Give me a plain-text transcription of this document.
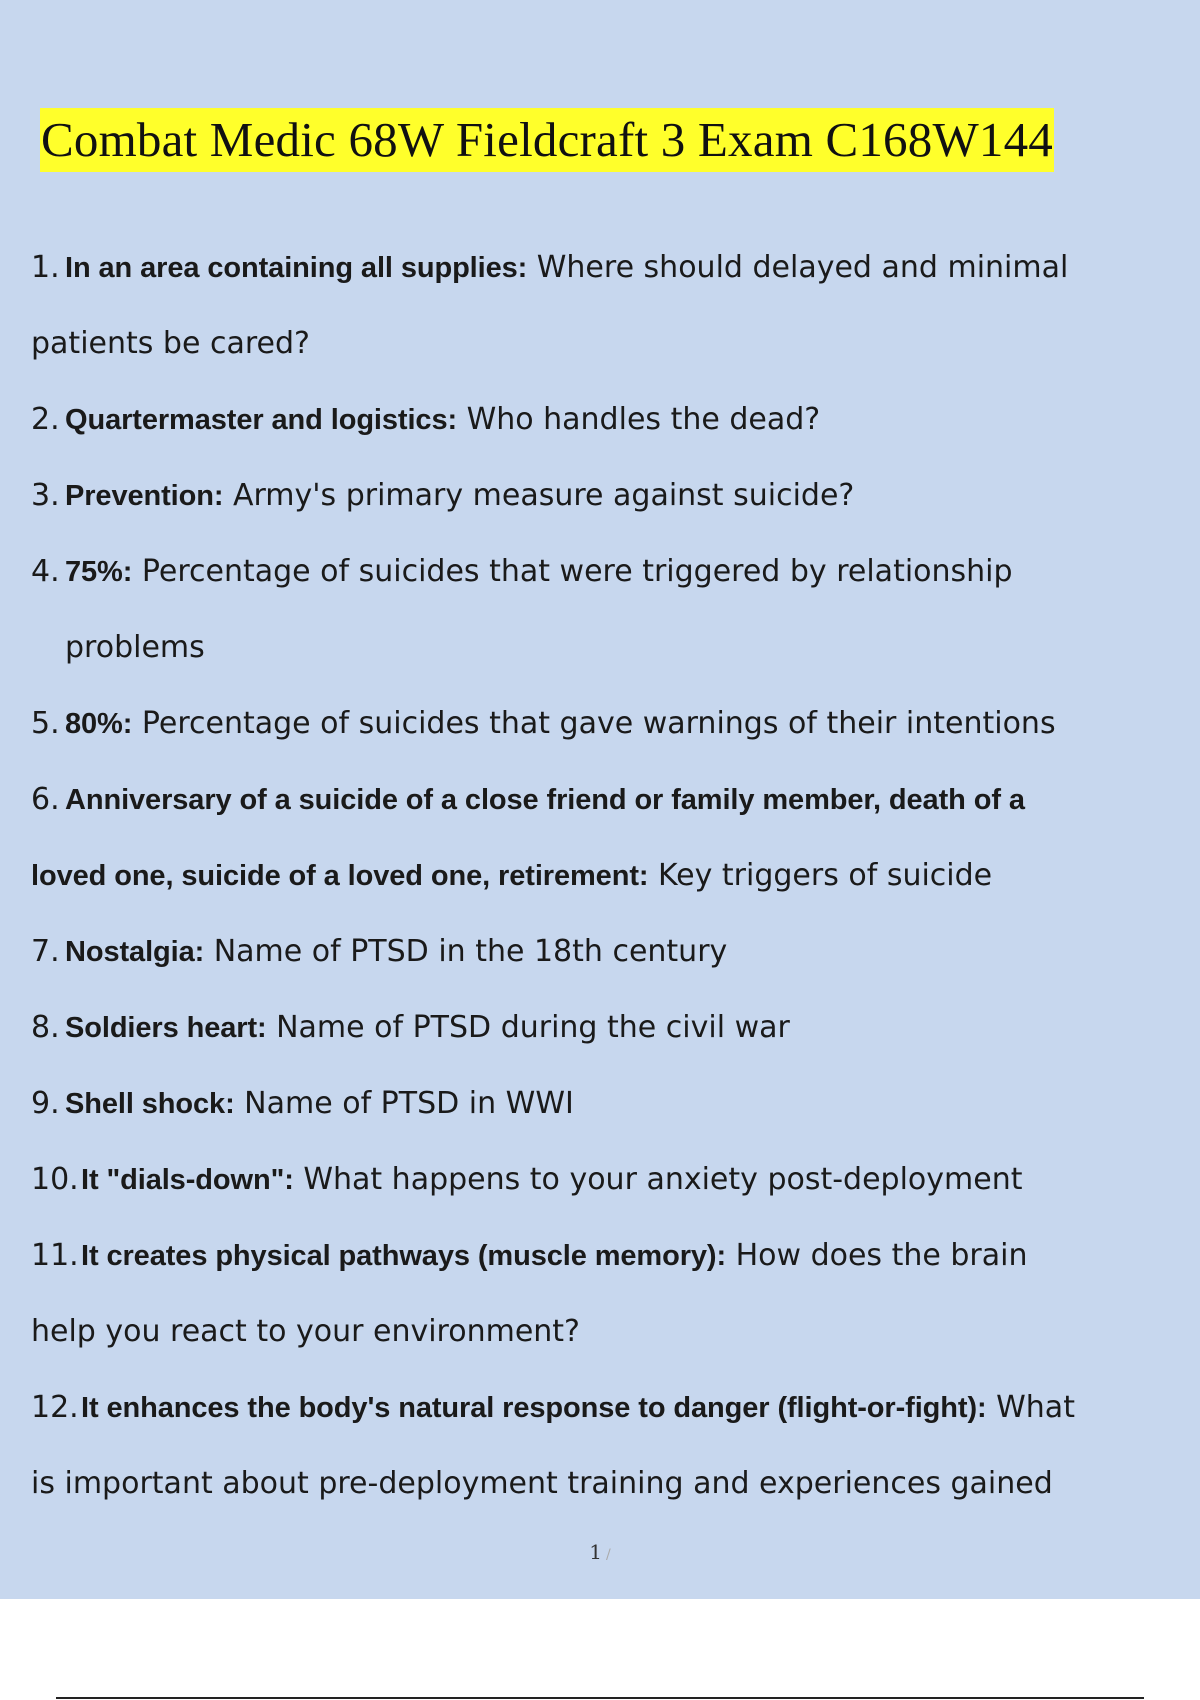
Combat Medic 68W Fieldcraft 3 Exam C168W144
1. In an area containing all supplies: Where should delayed and minimal
patients be cared?
2. Quartermaster and logistics: Who handles the dead?
3. Prevention: Army's primary measure against suicide?
4. 75%: Percentage of suicides that were triggered by relationship
problems
5. 80%: Percentage of suicides that gave warnings of their intentions
6. Anniversary of a suicide of a close friend or family member, death of a
loved one, suicide of a loved one, retirement: Key triggers of suicide
7. Nostalgia: Name of PTSD in the 18th century
8. Soldiers heart: Name of PTSD during the civil war
9. Shell shock: Name of PTSD in WWI
10.It "dials-down": What happens to your anxiety post-deployment
11.It creates physical pathways (muscle memory): How does the brain
help you react to your environment?
12.It enhances the body's natural response to danger (flight-or-fight): What
is important about pre-deployment training and experiences gained
1 /
